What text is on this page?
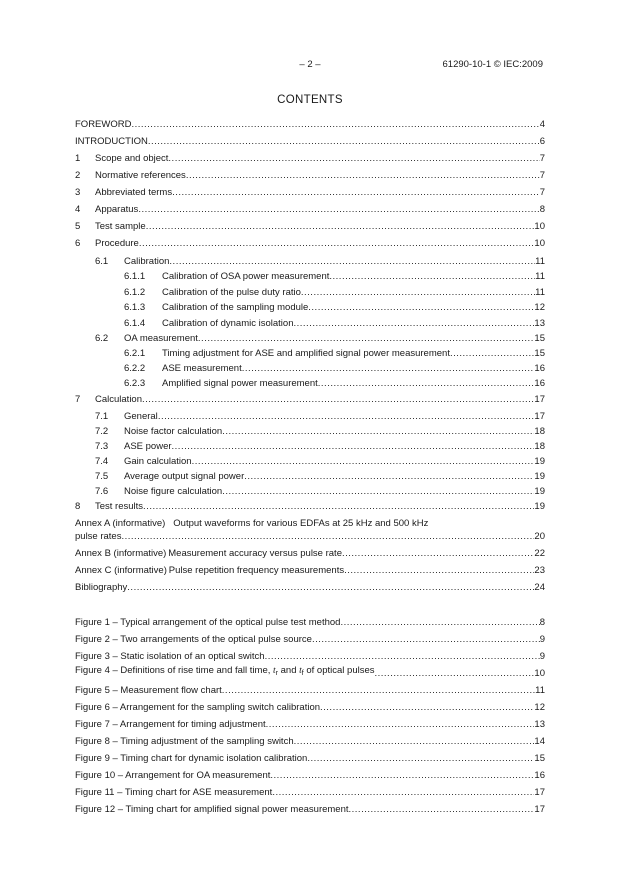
– 2 –	61290-10-1 © IEC:2009
CONTENTS
FOREWORD .....	4
INTRODUCTION .....	6
1	Scope and object .....	7
2	Normative references .....	7
3	Abbreviated terms .....	7
4	Apparatus .....	8
5	Test sample .....	10
6	Procedure .....	10
6.1	Calibration .....	11
6.1.1	Calibration of OSA power measurement .....	11
6.1.2	Calibration of the pulse duty ratio .....	11
6.1.3	Calibration of the sampling module .....	12
6.1.4	Calibration of dynamic isolation .....	13
6.2	OA measurement .....	15
6.2.1	Timing adjustment for ASE and amplified signal power measurement .....	15
6.2.2	ASE measurement .....	16
6.2.3	Amplified signal power measurement .....	16
7	Calculation .....	17
7.1	General .....	17
7.2	Noise factor calculation .....	18
7.3	ASE power .....	18
7.4	Gain calculation .....	19
7.5	Average output signal power .....	19
7.6	Noise figure calculation .....	19
8	Test results .....	19
Annex A (informative) Output waveforms for various EDFAs at 25 kHz and 500 kHz
pulse rates .....	20
Annex B (informative) Measurement accuracy versus pulse rate .....	22
Annex C (informative) Pulse repetition frequency measurements .....	23
Bibliography .....	24
Figure 1 – Typical arrangement of the optical pulse test method .....	8
Figure 2 – Two arrangements of the optical pulse source .....	9
Figure 3 – Static isolation of an optical switch .....	9
Figure 4 – Definitions of rise time and fall time, $t_r$ and $t_f$ of optical pulses .....	10
Figure 5 – Measurement flow chart .....	11
Figure 6 – Arrangement for the sampling switch calibration .....	12
Figure 7 – Arrangement for timing adjustment .....	13
Figure 8 – Timing adjustment of the sampling switch .....	14
Figure 9 – Timing chart for dynamic isolation calibration .....	15
Figure 10 – Arrangement for OA measurement .....	16
Figure 11 – Timing chart for ASE measurement .....	17
Figure 12 – Timing chart for amplified signal power measurement .....	17
